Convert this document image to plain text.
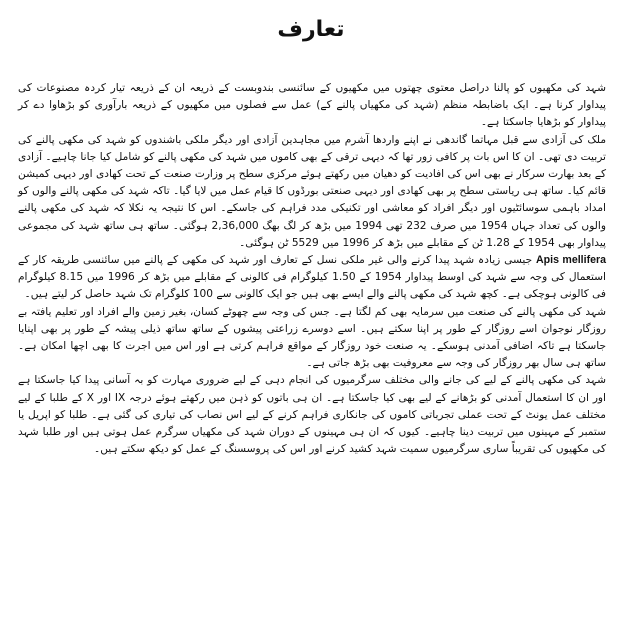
تعارف

شہد کی مکھیوں کو پالنا دراصل معتوی چھتوں میں مکھیوں کے سائنسی بندوبست کے ذریعہ ان کے ذریعہ تیار کردہ مصنوعات کی پیداوار کرنا ہے۔ ایک باضابطہ منظم (شہد کی مکھیاں پالنے کے) عمل سے فصلوں میں مکھیوں کے ذریعہ بارآوری کو بڑھاوا دے کر پیداوار کو بڑھایا جاسکتا ہے۔

ملک کی آزادی سے قبل مہاتما گاندھی نے اپنے واردھا آشرم میں مجاہدین آزادی اور دیگر ملکی باشندوں کو شہد کی مکھی پالنے کی تربیت دی تھی۔ ان کا اس بات پر کافی زور تھا کہ دیہی ترقی کے بھی کاموں میں شہد کی مکھی پالنے کو شامل کیا جانا چاہیے۔ آزادی کے بعد بھارت سرکار نے بھی اس کی افادیت کو دھیان میں رکھتے ہوئے مرکزی سطح پر وزارت صنعت کے تحت کھادی اور دیہی کمیشن قائم کیا۔ ساتھ ہی ریاستی سطح پر بھی کھادی اور دیہی صنعتی بورڈوں کا قیام عمل میں لایا گیا۔ تاکہ شہد کی مکھی پالنے والوں کو امداد باہمی سوسائٹیوں اور دیگر افراد کو معاشی اور تکنیکی مدد فراہم کی جاسکے۔ اس کا نتیجہ یہ نکلا کہ شہد کی مکھی پالنے والوں کی تعداد جہاں 1954 میں صرف 232 تھی 1994 میں بڑھ کر لگ بھگ 2,36,000 ہوگئی۔ ساتھ ہی ساتھ شہد کی مجموعی پیداوار بھی 1954 کے 1.28 ٹن کے مقابلے میں بڑھ کر 1996 میں 5529 ٹن ہوگئی۔

Apis mellifera جیسی زیادہ شہد پیدا کرنے والی غیر ملکی نسل کے تعارف اور شہد کی مکھی کے پالنے میں سائنسی طریقہ کار کے استعمال کی وجہ سے شہد کی اوسط پیداوار 1954 کے 1.50 کیلوگرام فی کالونی کے مقابلے میں بڑھ کر 1996 میں 8.15 کیلوگرام فی کالونی ہوچکی ہے۔ کچھ شہد کی مکھی پالنے والے ایسے بھی ہیں جو ایک کالونی سے 100 کلوگرام تک شہد حاصل کر لیتے ہیں۔

شہد کی مکھی پالنے کی صنعت میں سرمایہ بھی کم لگتا ہے۔ جس کی وجہ سے چھوٹے کسان، بغیر زمین والے افراد اور تعلیم یافتہ بے روزگار نوجوان اسے روزگار کے طور پر اپنا سکتے ہیں۔ اسے دوسرے زراعتی پیشوں کے ساتھ ساتھ ذیلی پیشہ کے طور پر بھی اپنایا جاسکتا ہے تاکہ اضافی آمدنی ہوسکے۔ یہ صنعت خود روزگار کے مواقع فراہم کرتی ہے اور اس میں اجرت کا بھی اچھا امکان ہے۔ ساتھ ہی سال بھر روزگار کی وجہ سے معروفیت بھی بڑھ جاتی ہے۔

شہد کی مکھی پالنے کے لیے کی جانے والی مختلف سرگرمیوں کی انجام دہی کے لیے ضروری مہارت کو بہ آسانی پیدا کیا جاسکتا ہے اور ان کا استعمال آمدنی کو بڑھانے کے لیے بھی کیا جاسکتا ہے۔ ان ہی باتوں کو ذہن میں رکھتے ہوئے درجہ IX اور X کے طلبا کے لیے مختلف عمل یونٹ کے تحت عملی تجرباتی کاموں کی جانکاری فراہم کرنے کے لیے اس نصاب کی تیاری کی گئی ہے۔ طلبا کو اپریل یا ستمبر کے مہینوں میں تربیت دینا چاہیے۔ کیوں کہ ان ہی مہینوں کے دوران شہد کی مکھیاں سرگرم عمل ہوتی ہیں اور طلبا شہد کی مکھیوں کی تقریباً ساری سرگرمیوں سمیت شہد کشید کرنے اور اس کی پروسسنگ کے عمل کو دیکھ سکتے ہیں۔
